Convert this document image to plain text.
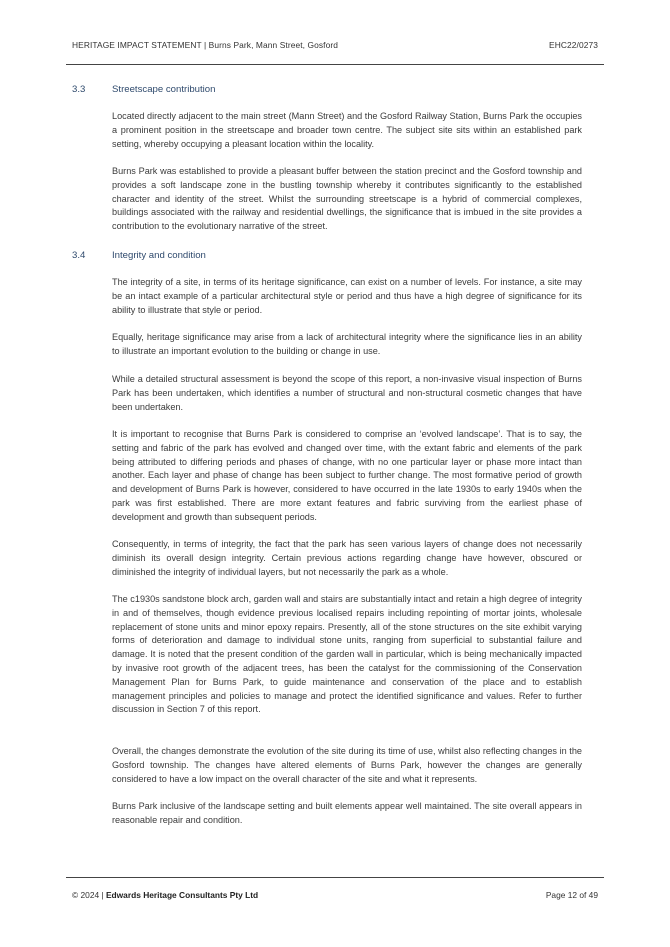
HERITAGE IMPACT STATEMENT | Burns Park, Mann Street, Gosford	EHC22/0273
3.3	Streetscape contribution

Located directly adjacent to the main street (Mann Street) and the Gosford Railway Station, Burns Park the occupies a prominent position in the streetscape and broader town centre. The subject site sits within an established park setting, whereby occupying a pleasant location within the locality.

Burns Park was established to provide a pleasant buffer between the station precinct and the Gosford township and provides a soft landscape zone in the bustling township whereby it contributes significantly to the established character and identity of the street. Whilst the surrounding streetscape is a hybrid of commercial complexes, buildings associated with the railway and residential dwellings, the significance that is imbued in the site provides a contribution to the evolutionary narrative of the street.

3.4	Integrity and condition

The integrity of a site, in terms of its heritage significance, can exist on a number of levels. For instance, a site may be an intact example of a particular architectural style or period and thus have a high degree of significance for its ability to illustrate that style or period.

Equally, heritage significance may arise from a lack of architectural integrity where the significance lies in an ability to illustrate an important evolution to the building or change in use.

While a detailed structural assessment is beyond the scope of this report, a non-invasive visual inspection of Burns Park has been undertaken, which identifies a number of structural and non-structural cosmetic changes that have been undertaken.

It is important to recognise that Burns Park is considered to comprise an ‘evolved landscape’. That is to say, the setting and fabric of the park has evolved and changed over time, with the extant fabric and elements of the park being attributed to differing periods and phases of change, with no one particular layer or phase more intact than another. Each layer and phase of change has been subject to further change. The most formative period of growth and development of Burns Park is however, considered to have occurred in the late 1930s to early 1940s when the park was first established. There are more extant features and fabric surviving from the earliest phase of development and growth than subsequent periods.

Consequently, in terms of integrity, the fact that the park has seen various layers of change does not necessarily diminish its overall design integrity. Certain previous actions regarding change have however, obscured or diminished the integrity of individual layers, but not necessarily the park as a whole.

The c1930s sandstone block arch, garden wall and stairs are substantially intact and retain a high degree of integrity in and of themselves, though evidence previous localised repairs including repointing of mortar joints, wholesale replacement of stone units and minor epoxy repairs. Presently, all of the stone structures on the site exhibit varying forms of deterioration and damage to individual stone units, ranging from superficial to substantial failure and damage. It is noted that the present condition of the garden wall in particular, which is being mechanically impacted by invasive root growth of the adjacent trees, has been the catalyst for the commissioning of the Conservation Management Plan for Burns Park, to guide maintenance and conservation of the place and to establish management principles and policies to manage and protect the identified significance and values. Refer to further discussion in Section 7 of this report.

Overall, the changes demonstrate the evolution of the site during its time of use, whilst also reflecting changes in the Gosford township. The changes have altered elements of Burns Park, however the changes are generally considered to have a low impact on the overall character of the site and what it represents.

Burns Park inclusive of the landscape setting and built elements appear well maintained. The site overall appears in reasonable repair and condition.

© 2024 | Edwards Heritage Consultants Pty Ltd	Page 12 of 49
